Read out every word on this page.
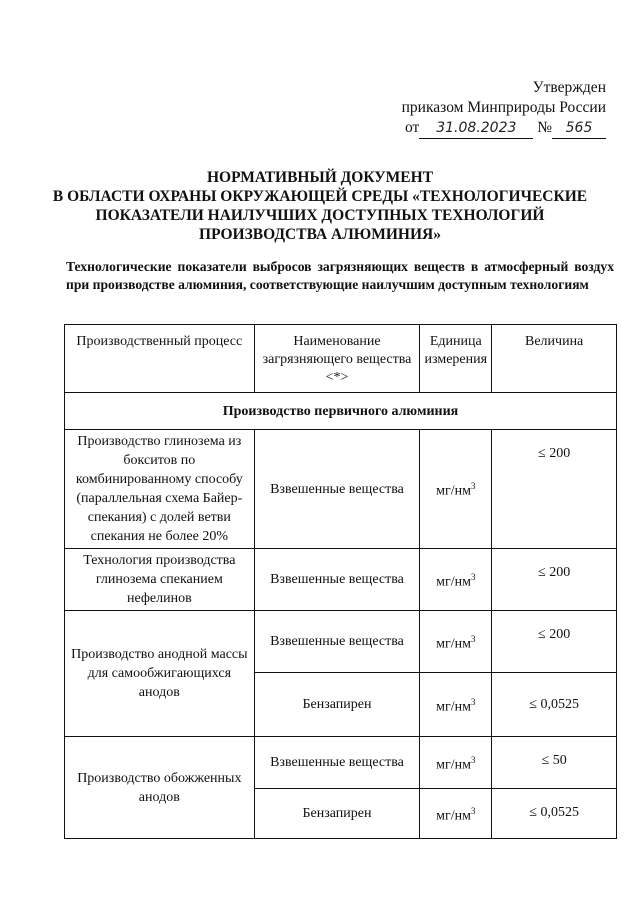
Утвержден
приказом Минприроды России
от 31.08.2023 № 565
НОРМАТИВНЫЙ ДОКУМЕНТ
В ОБЛАСТИ ОХРАНЫ ОКРУЖАЮЩЕЙ СРЕДЫ «ТЕХНОЛОГИЧЕСКИЕ
ПОКАЗАТЕЛИ НАИЛУЧШИХ ДОСТУПНЫХ ТЕХНОЛОГИЙ
ПРОИЗВОДСТВА АЛЮМИНИЯ»
Технологические показатели выбросов загрязняющих веществ в атмосферный воздух при производстве алюминия, соответствующие наилучшим доступным технологиям
Производственный процесс	Наименование загрязняющего вещества <*>	Единица измерения	Величина
Производство первичного алюминия			
Производство глинозема из бокситов по комбинированному способу (параллельная схема Байер-спекания) с долей ветви спекания не более 20%	Взвешенные вещества	$мг/нм^3$	≤ 200
Технология производства глинозема спеканием нефелинов	Взвешенные вещества	$мг/нм^3$	≤ 200
Производство анодной массы для самообжигающихся анодов	Взвешенные вещества	$мг/нм^3$	≤ 200
	Бензапирен	$мг/нм^3$	≤ 0,0525
Производство обожженных анодов	Взвешенные вещества	$мг/нм^3$	≤ 50
	Бензапирен	$мг/нм^3$	≤ 0,0525
